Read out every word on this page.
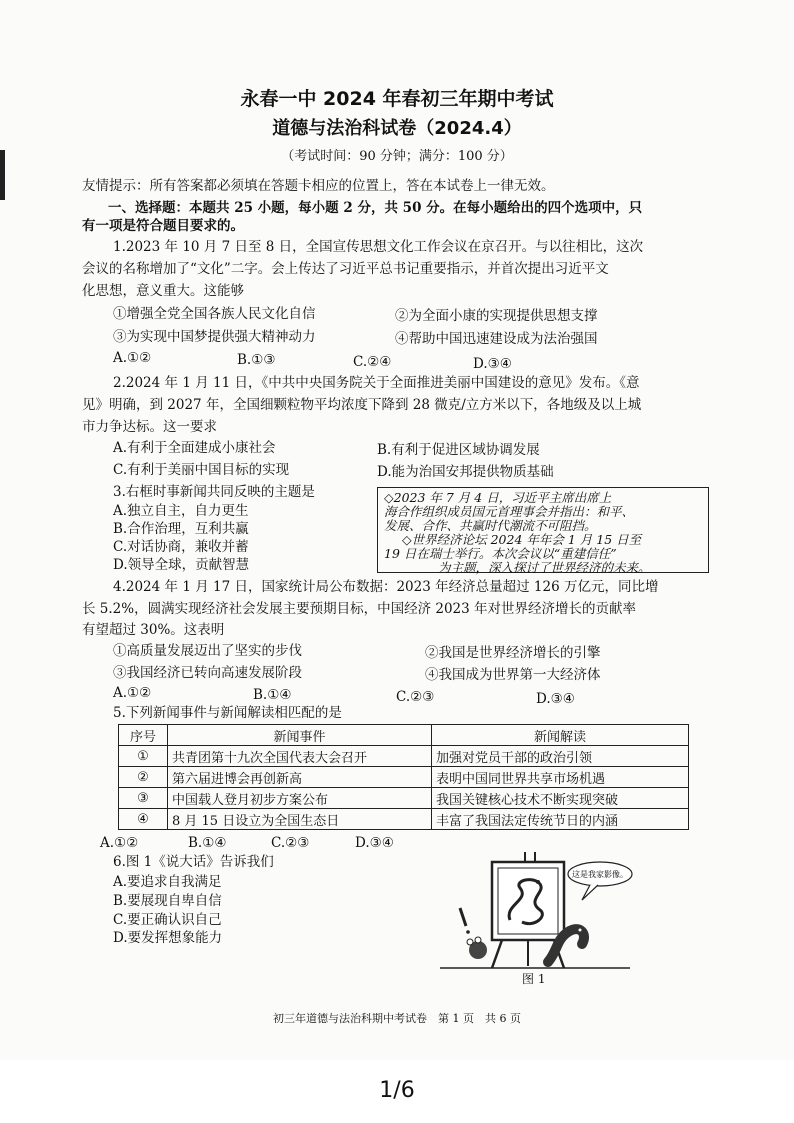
永春一中 2024 年春初三年期中考试
道德与法治科试卷（2024.4）
（考试时间：90 分钟；满分：100 分）
友情提示：所有答案都必须填在答题卡相应的位置上，答在本试卷上一律无效。
一、选择题：本题共 25 小题，每小题 2 分，共 50 分。在每小题给出的四个选项中，只
有一项是符合题目要求的。
1.2023 年 10 月 7 日至 8 日，全国宣传思想文化工作会议在京召开。与以往相比，这次
会议的名称增加了“文化”二字。会上传达了习近平总书记重要指示，并首次提出习近平文
化思想，意义重大。这能够
①增强全党全国各族人民文化自信	②为全面小康的实现提供思想支撑
③为实现中国梦提供强大精神动力	④帮助中国迅速建设成为法治强国
A.①②	B.①③	C.②④	D.③④
2.2024 年 1 月 11 日，《中共中央国务院关于全面推进美丽中国建设的意见》发布。《意
见》明确，到 2027 年，全国细颗粒物平均浓度下降到 28 微克/立方米以下，各地级及以上城
市力争达标。这一要求
A.有利于全面建成小康社会	B.有利于促进区域协调发展
C.有利于美丽中国目标的实现	D.能为治国安邦提供物质基础
3.右框时事新闻共同反映的主题是
A.独立自主，自力更生
B.合作治理，互利共赢
C.对话协商，兼收并蓄
D.领导全球，贡献智慧
◇2023 年 7 月 4 日，习近平主席出席上
海合作组织成员国元首理事会并指出：和平、
发展、合作、共赢时代潮流不可阻挡。
◇世界经济论坛 2024 年年会 1 月 15 日至
19 日在瑞士举行。本次会议以“重建信任”
为主题，深入探讨了世界经济的未来。
4.2024 年 1 月 17 日，国家统计局公布数据：2023 年经济总量超过 126 万亿元，同比增
长 5.2%，圆满实现经济社会发展主要预期目标，中国经济 2023 年对世界经济增长的贡献率
有望超过 30%。这表明
①高质量发展迈出了坚实的步伐	②我国是世界经济增长的引擎
③我国经济已转向高速发展阶段	④我国成为世界第一大经济体
A.①②	B.①④	C.②③	D.③④
5.下列新闻事件与新闻解读相匹配的是
序号	新闻事件	新闻解读
①	共青团第十九次全国代表大会召开	加强对党员干部的政治引领
②	第六届进博会再创新高	表明中国同世界共享市场机遇
③	中国载人登月初步方案公布	我国关键核心技术不断实现突破
④	8 月 15 日设立为全国生态日	丰富了我国法定传统节日的内涵
A.①②	B.①④	C.②③	D.③④
6.图 1《说大话》告诉我们
A.要追求自我满足
B.要展现自卑自信
C.要正确认识自己
D.要发挥想象能力
这是我家影像。
图 1
初三年道德与法治科期中考试卷　第 1 页　共 6 页
1/6
